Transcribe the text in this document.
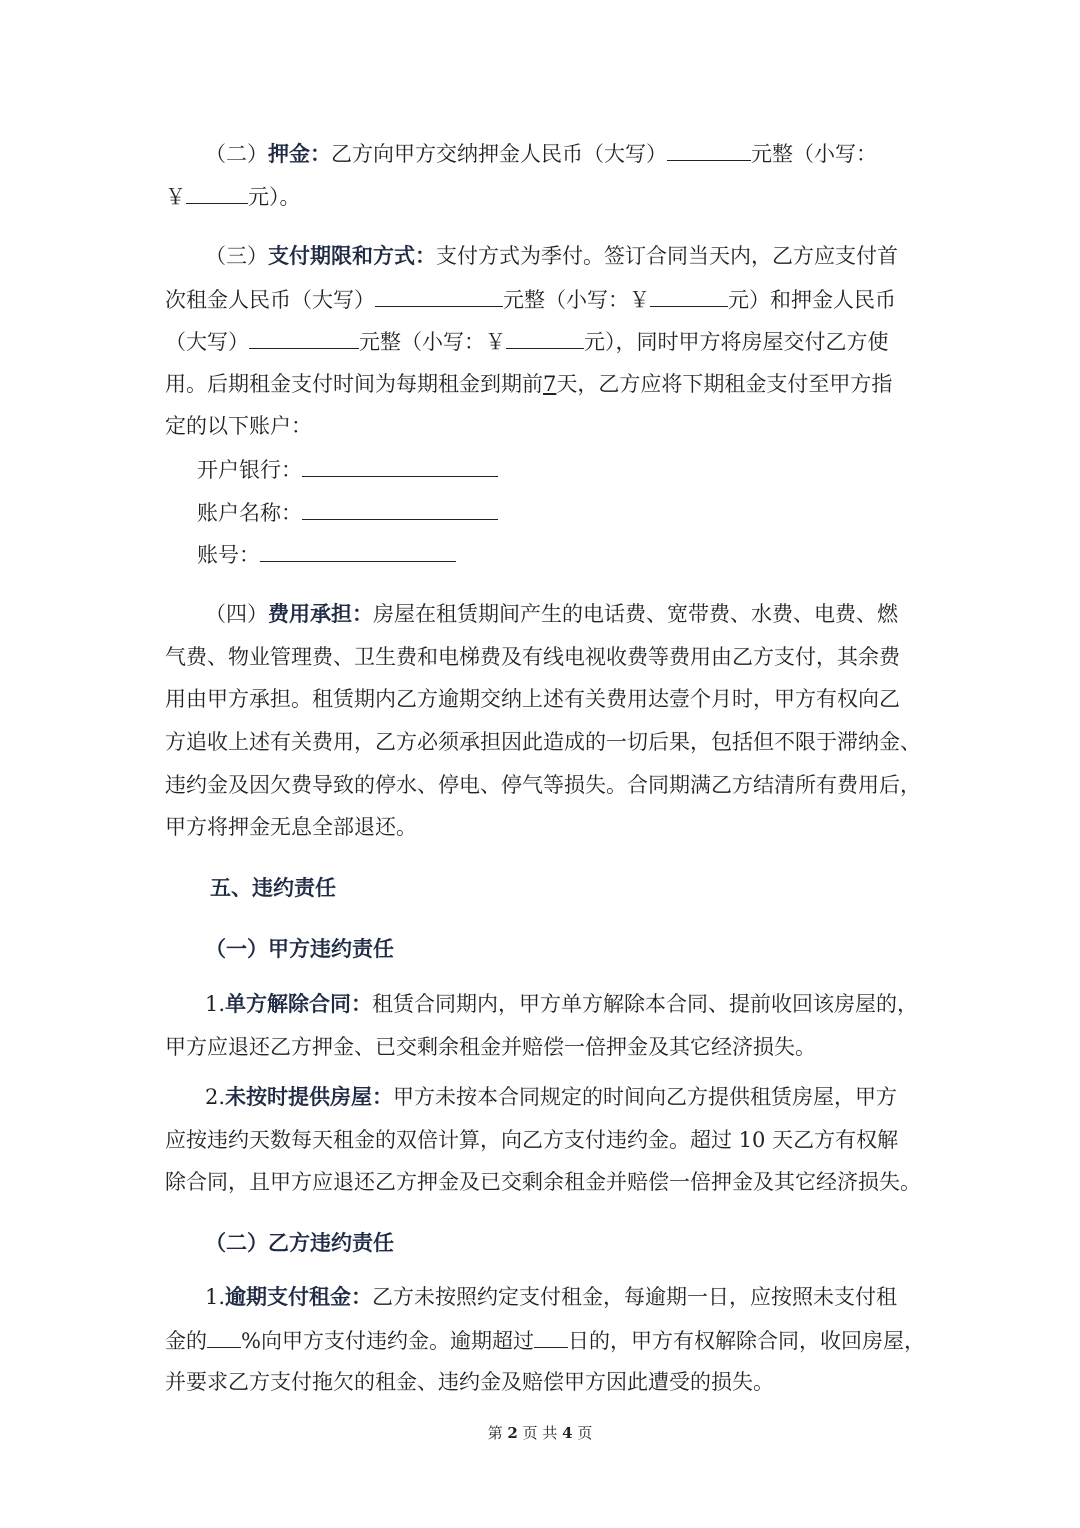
（二）押金：乙方向甲方交纳押金人民币（大写）	元整（小写：
￥	元）。
（三）支付期限和方式：支付方式为季付。签订合同当天内，乙方应支付首
次租金人民币（大写）	元整（小写：￥	元）和押金人民币
（大写）	元整（小写：￥	元），同时甲方将房屋交付乙方使
用。后期租金支付时间为每期租金到期前7天，乙方应将下期租金支付至甲方指
定的以下账户：
开户银行：
账户名称：
账号：
（四）费用承担：房屋在租赁期间产生的电话费、宽带费、水费、电费、燃
气费、物业管理费、卫生费和电梯费及有线电视收费等费用由乙方支付，其余费
用由甲方承担。租赁期内乙方逾期交纳上述有关费用达壹个月时，甲方有权向乙
方追收上述有关费用，乙方必须承担因此造成的一切后果，包括但不限于滞纳金、
违约金及因欠费导致的停水、停电、停气等损失。合同期满乙方结清所有费用后，
甲方将押金无息全部退还。
五、违约责任
（一）甲方违约责任
1.单方解除合同：租赁合同期内，甲方单方解除本合同、提前收回该房屋的，
甲方应退还乙方押金、已交剩余租金并赔偿一倍押金及其它经济损失。
2.未按时提供房屋：甲方未按本合同规定的时间向乙方提供租赁房屋，甲方
应按违约天数每天租金的双倍计算，向乙方支付违约金。超过 10 天乙方有权解
除合同，且甲方应退还乙方押金及已交剩余租金并赔偿一倍押金及其它经济损失。
（二）乙方违约责任
1.逾期支付租金：乙方未按照约定支付租金，每逾期一日，应按照未支付租
金的 %向甲方支付违约金。逾期超过 日的，甲方有权解除合同，收回房屋，
并要求乙方支付拖欠的租金、违约金及赔偿甲方因此遭受的损失。
第 2 页 共 4 页
